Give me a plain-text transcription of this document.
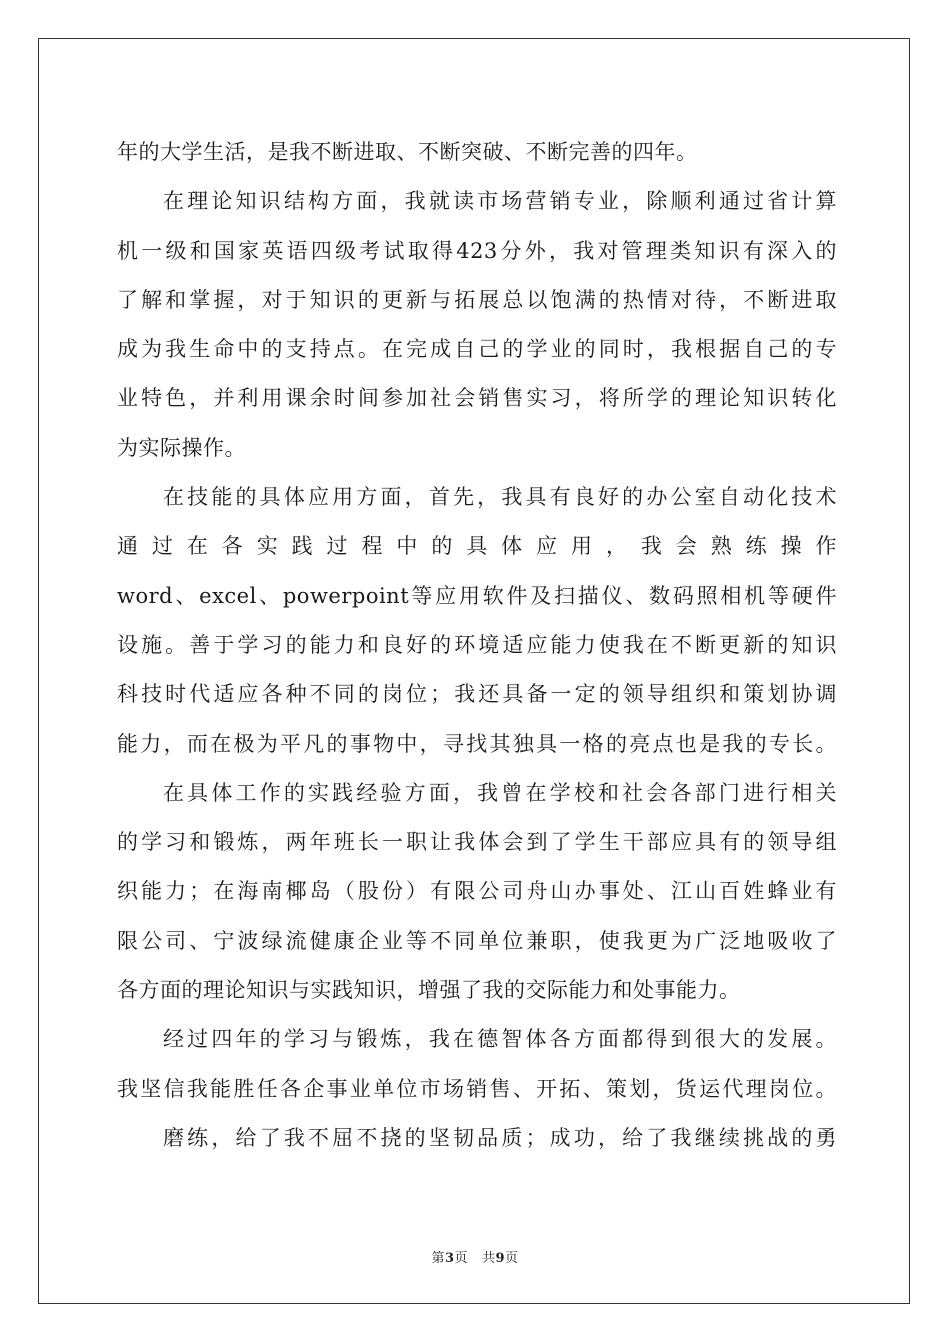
年的大学生活，是我不断进取、不断突破、不断完善的四年。
在理论知识结构方面，我就读市场营销专业，除顺利通过省计算
机一级和国家英语四级考试取得423分外，我对管理类知识有深入的
了解和掌握，对于知识的更新与拓展总以饱满的热情对待，不断进取
成为我生命中的支持点。在完成自己的学业的同时，我根据自己的专
业特色，并利用课余时间参加社会销售实习，将所学的理论知识转化
为实际操作。
在技能的具体应用方面，首先，我具有良好的办公室自动化技术
通过在各实践过程中的具体应用，我会熟练操作
word、excel、powerpoint等应用软件及扫描仪、数码照相机等硬件
设施。善于学习的能力和良好的环境适应能力使我在不断更新的知识
科技时代适应各种不同的岗位；我还具备一定的领导组织和策划协调
能力，而在极为平凡的事物中，寻找其独具一格的亮点也是我的专长。
在具体工作的实践经验方面，我曾在学校和社会各部门进行相关
的学习和锻炼，两年班长一职让我体会到了学生干部应具有的领导组
织能力；在海南椰岛（股份）有限公司舟山办事处、江山百姓蜂业有
限公司、宁波绿流健康企业等不同单位兼职，使我更为广泛地吸收了
各方面的理论知识与实践知识，增强了我的交际能力和处事能力。
经过四年的学习与锻炼，我在德智体各方面都得到很大的发展。
我坚信我能胜任各企事业单位市场销售、开拓、策划，货运代理岗位。
磨练，给了我不屈不挠的坚韧品质；成功，给了我继续挑战的勇
第3页 共9页
